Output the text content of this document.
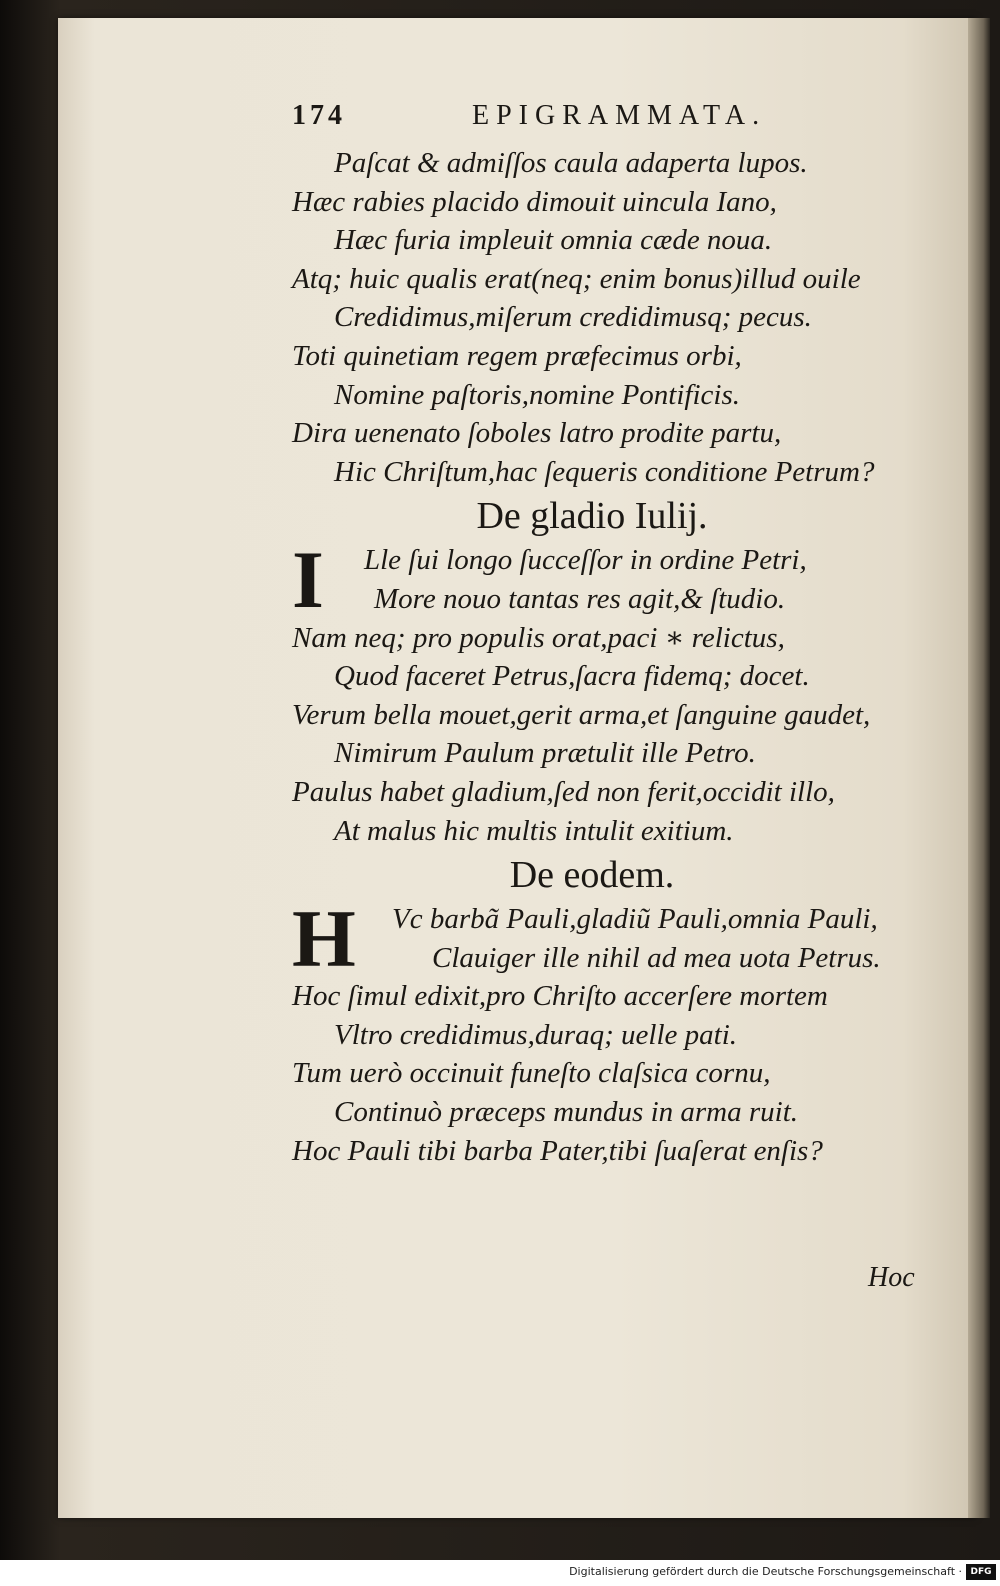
174	EPIGRAMMATA.
Paſcat & admiſſos caula adaperta lupos.
Hæc rabies placido dimouit uincula Iano,
Hæc furia impleuit omnia cæde noua.
Atq; huic qualis erat(neq; enim bonus)illud ouile
Credidimus,miſerum credidimusq; pecus.
Toti quinetiam regem præfecimus orbi,
Nomine paſtoris,nomine Pontificis.
Dira uenenato ſoboles latro prodite partu,
Hic Chriſtum,hac ſequeris conditione Petrum?
De gladio Iulij.
I	Lle ſui longo ſucceſſor in ordine Petri,
More nouo tantas res agit,& ſtudio.
Nam neq; pro populis orat,paci ∗ relictus,
Quod faceret Petrus,ſacra fidemq; docet.
Verum bella mouet,gerit arma,et ſanguine gaudet,
Nimirum Paulum prætulit ille Petro.
Paulus habet gladium,ſed non ferit,occidit illo,
At malus hic multis intulit exitium.
De eodem.
H	Vc barbã Pauli,gladiũ Pauli,omnia Pauli,
Clauiger ille nihil ad mea uota Petrus.
Hoc ſimul edixit,pro Chriſto accerſere mortem
Vltro credidimus,duraq; uelle pati.
Tum uerò occinuit funeſto claſsica cornu,
Continuò præceps mundus in arma ruit.
Hoc Pauli tibi barba Pater,tibi ſuaſerat enſis?
Hoc
Digitalisierung gefördert durch die Deutsche Forschungsgemeinschaft · DFG
